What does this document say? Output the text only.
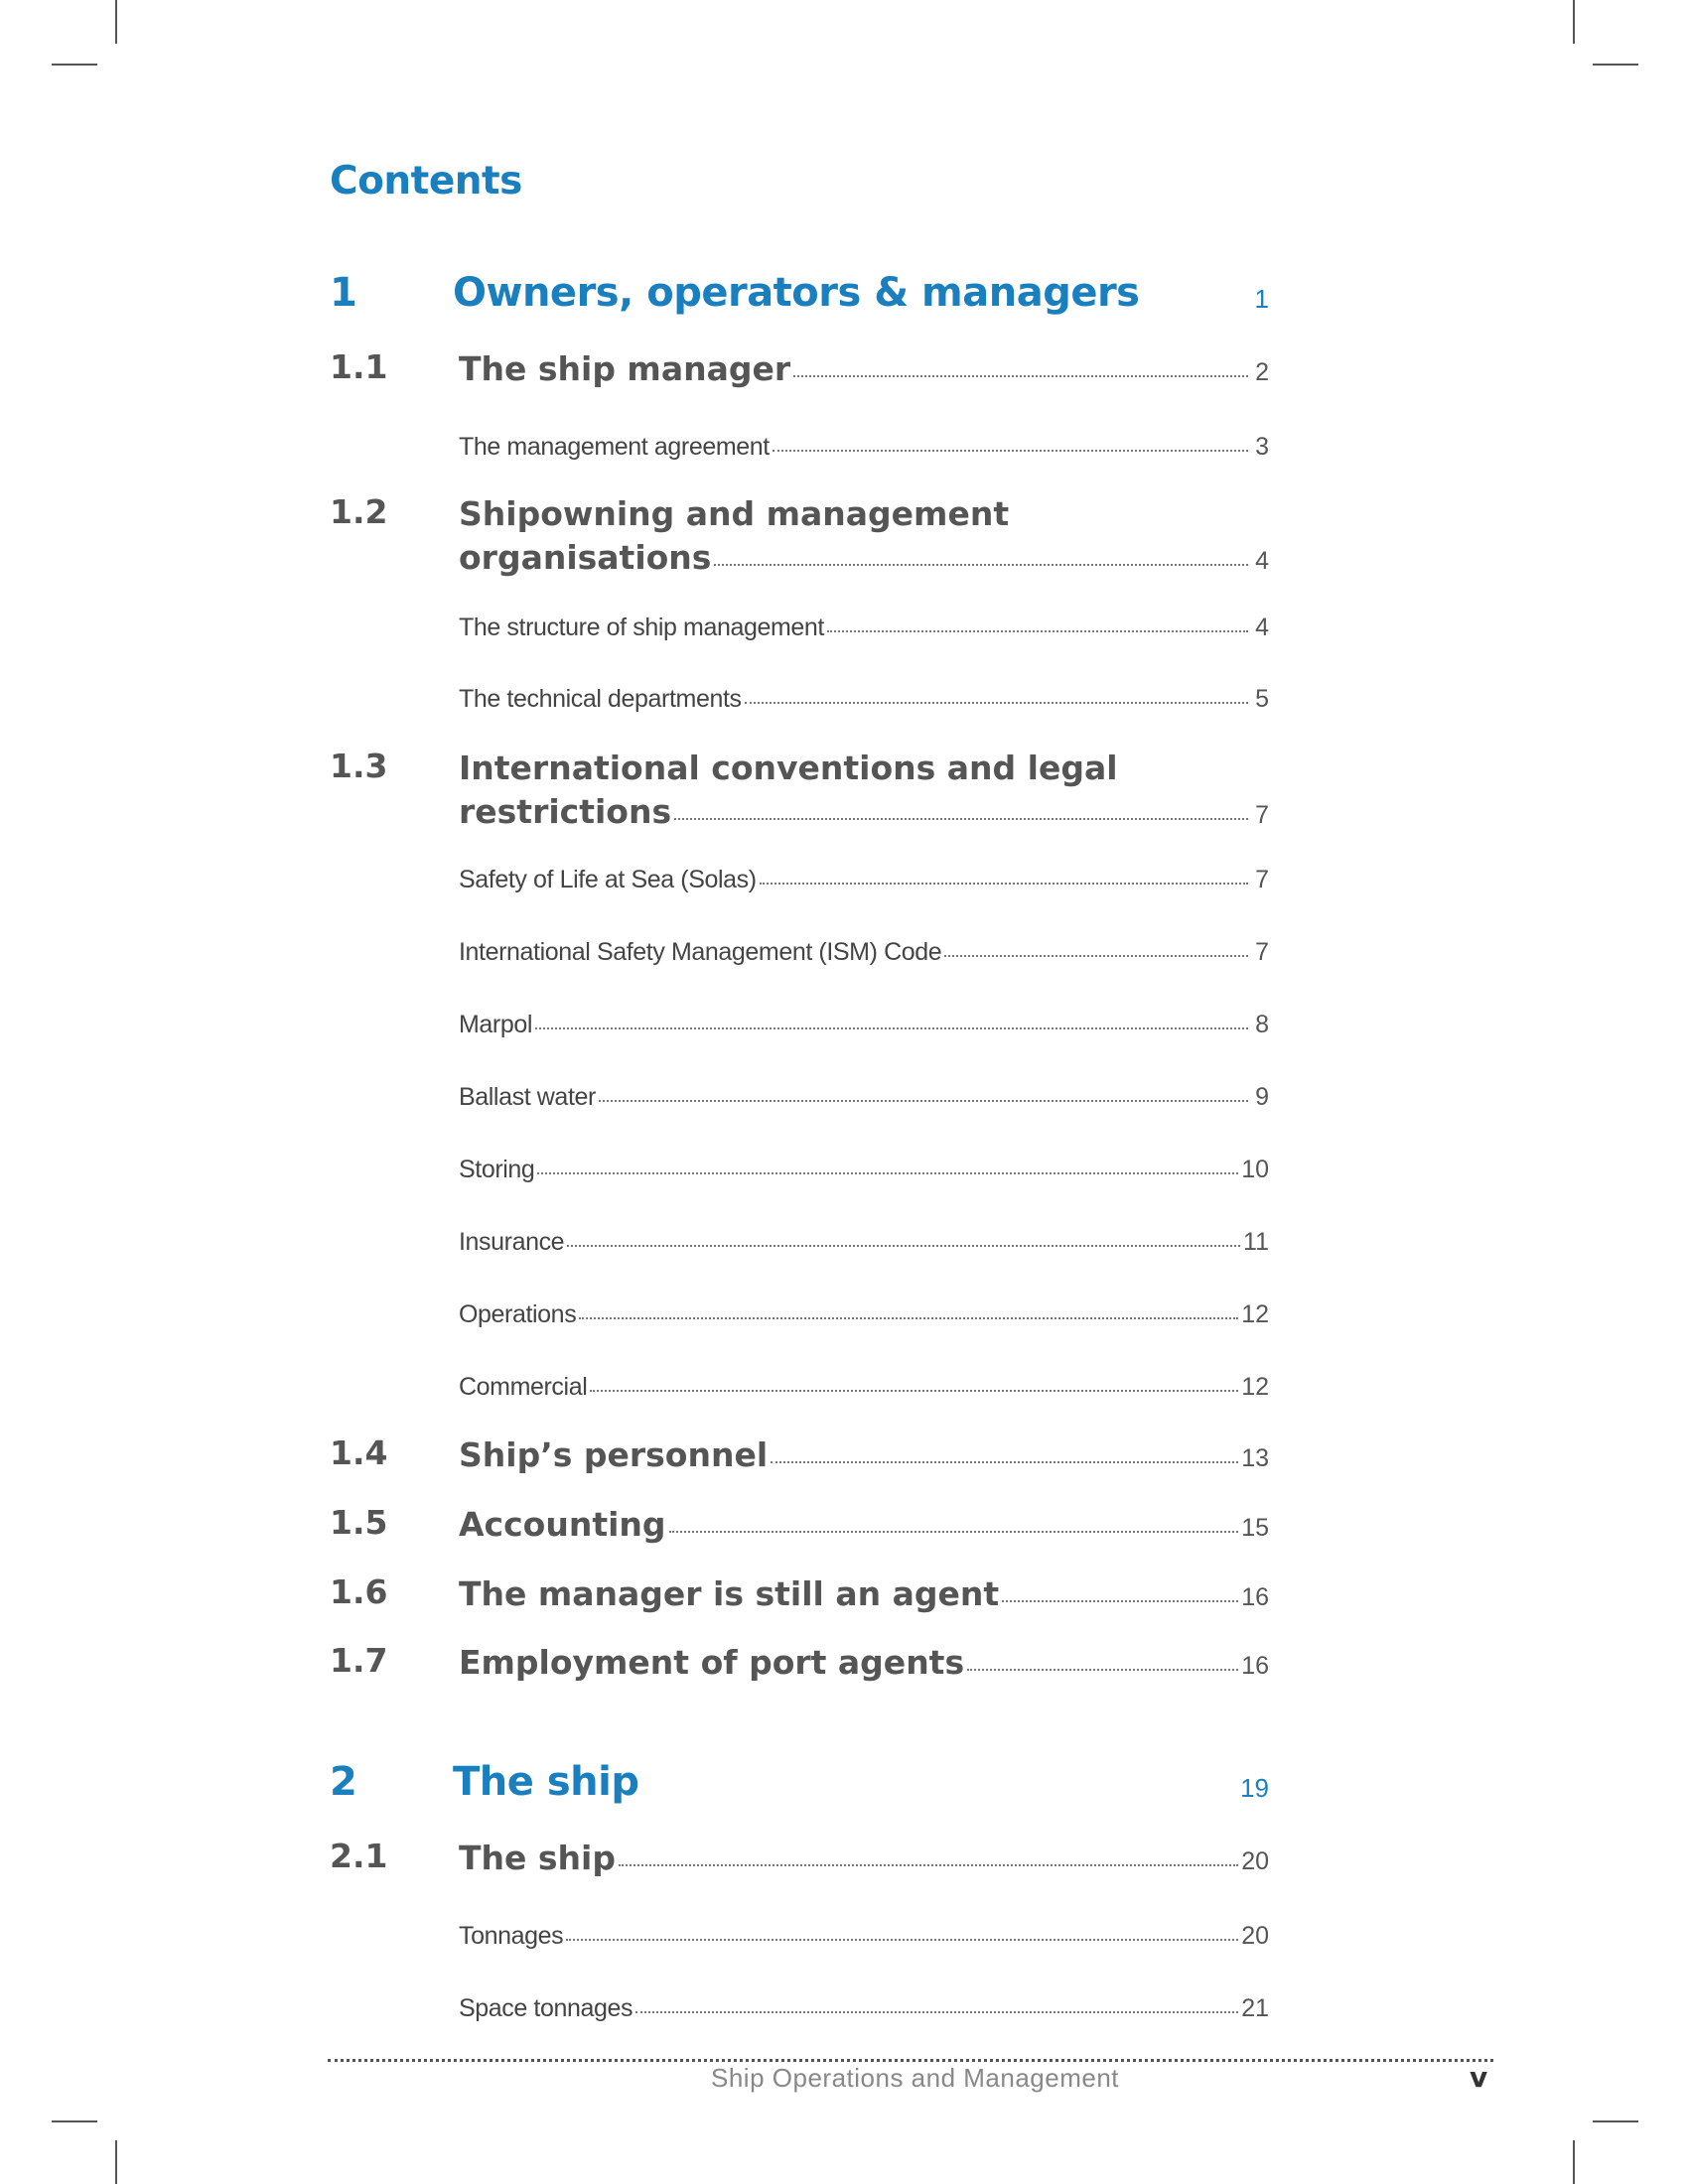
Contents
1 Owners, operators & managers	1
1.1 The ship manager	2
The management agreement	3
1.2 Shipowning and management
organisations	4
The structure of ship management	4
The technical departments	5
1.3 International conventions and legal
restrictions	7
Safety of Life at Sea (Solas)	7
International Safety Management (ISM) Code	7
Marpol	8
Ballast water	9
Storing	10
Insurance	11
Operations	12
Commercial	12
1.4 Ship’s personnel	13
1.5 Accounting	15
1.6 The manager is still an agent	16
1.7 Employment of port agents	16
2 The ship	19
2.1 The ship	20
Tonnages	20
Space tonnages	21
Ship Operations and Management	v
